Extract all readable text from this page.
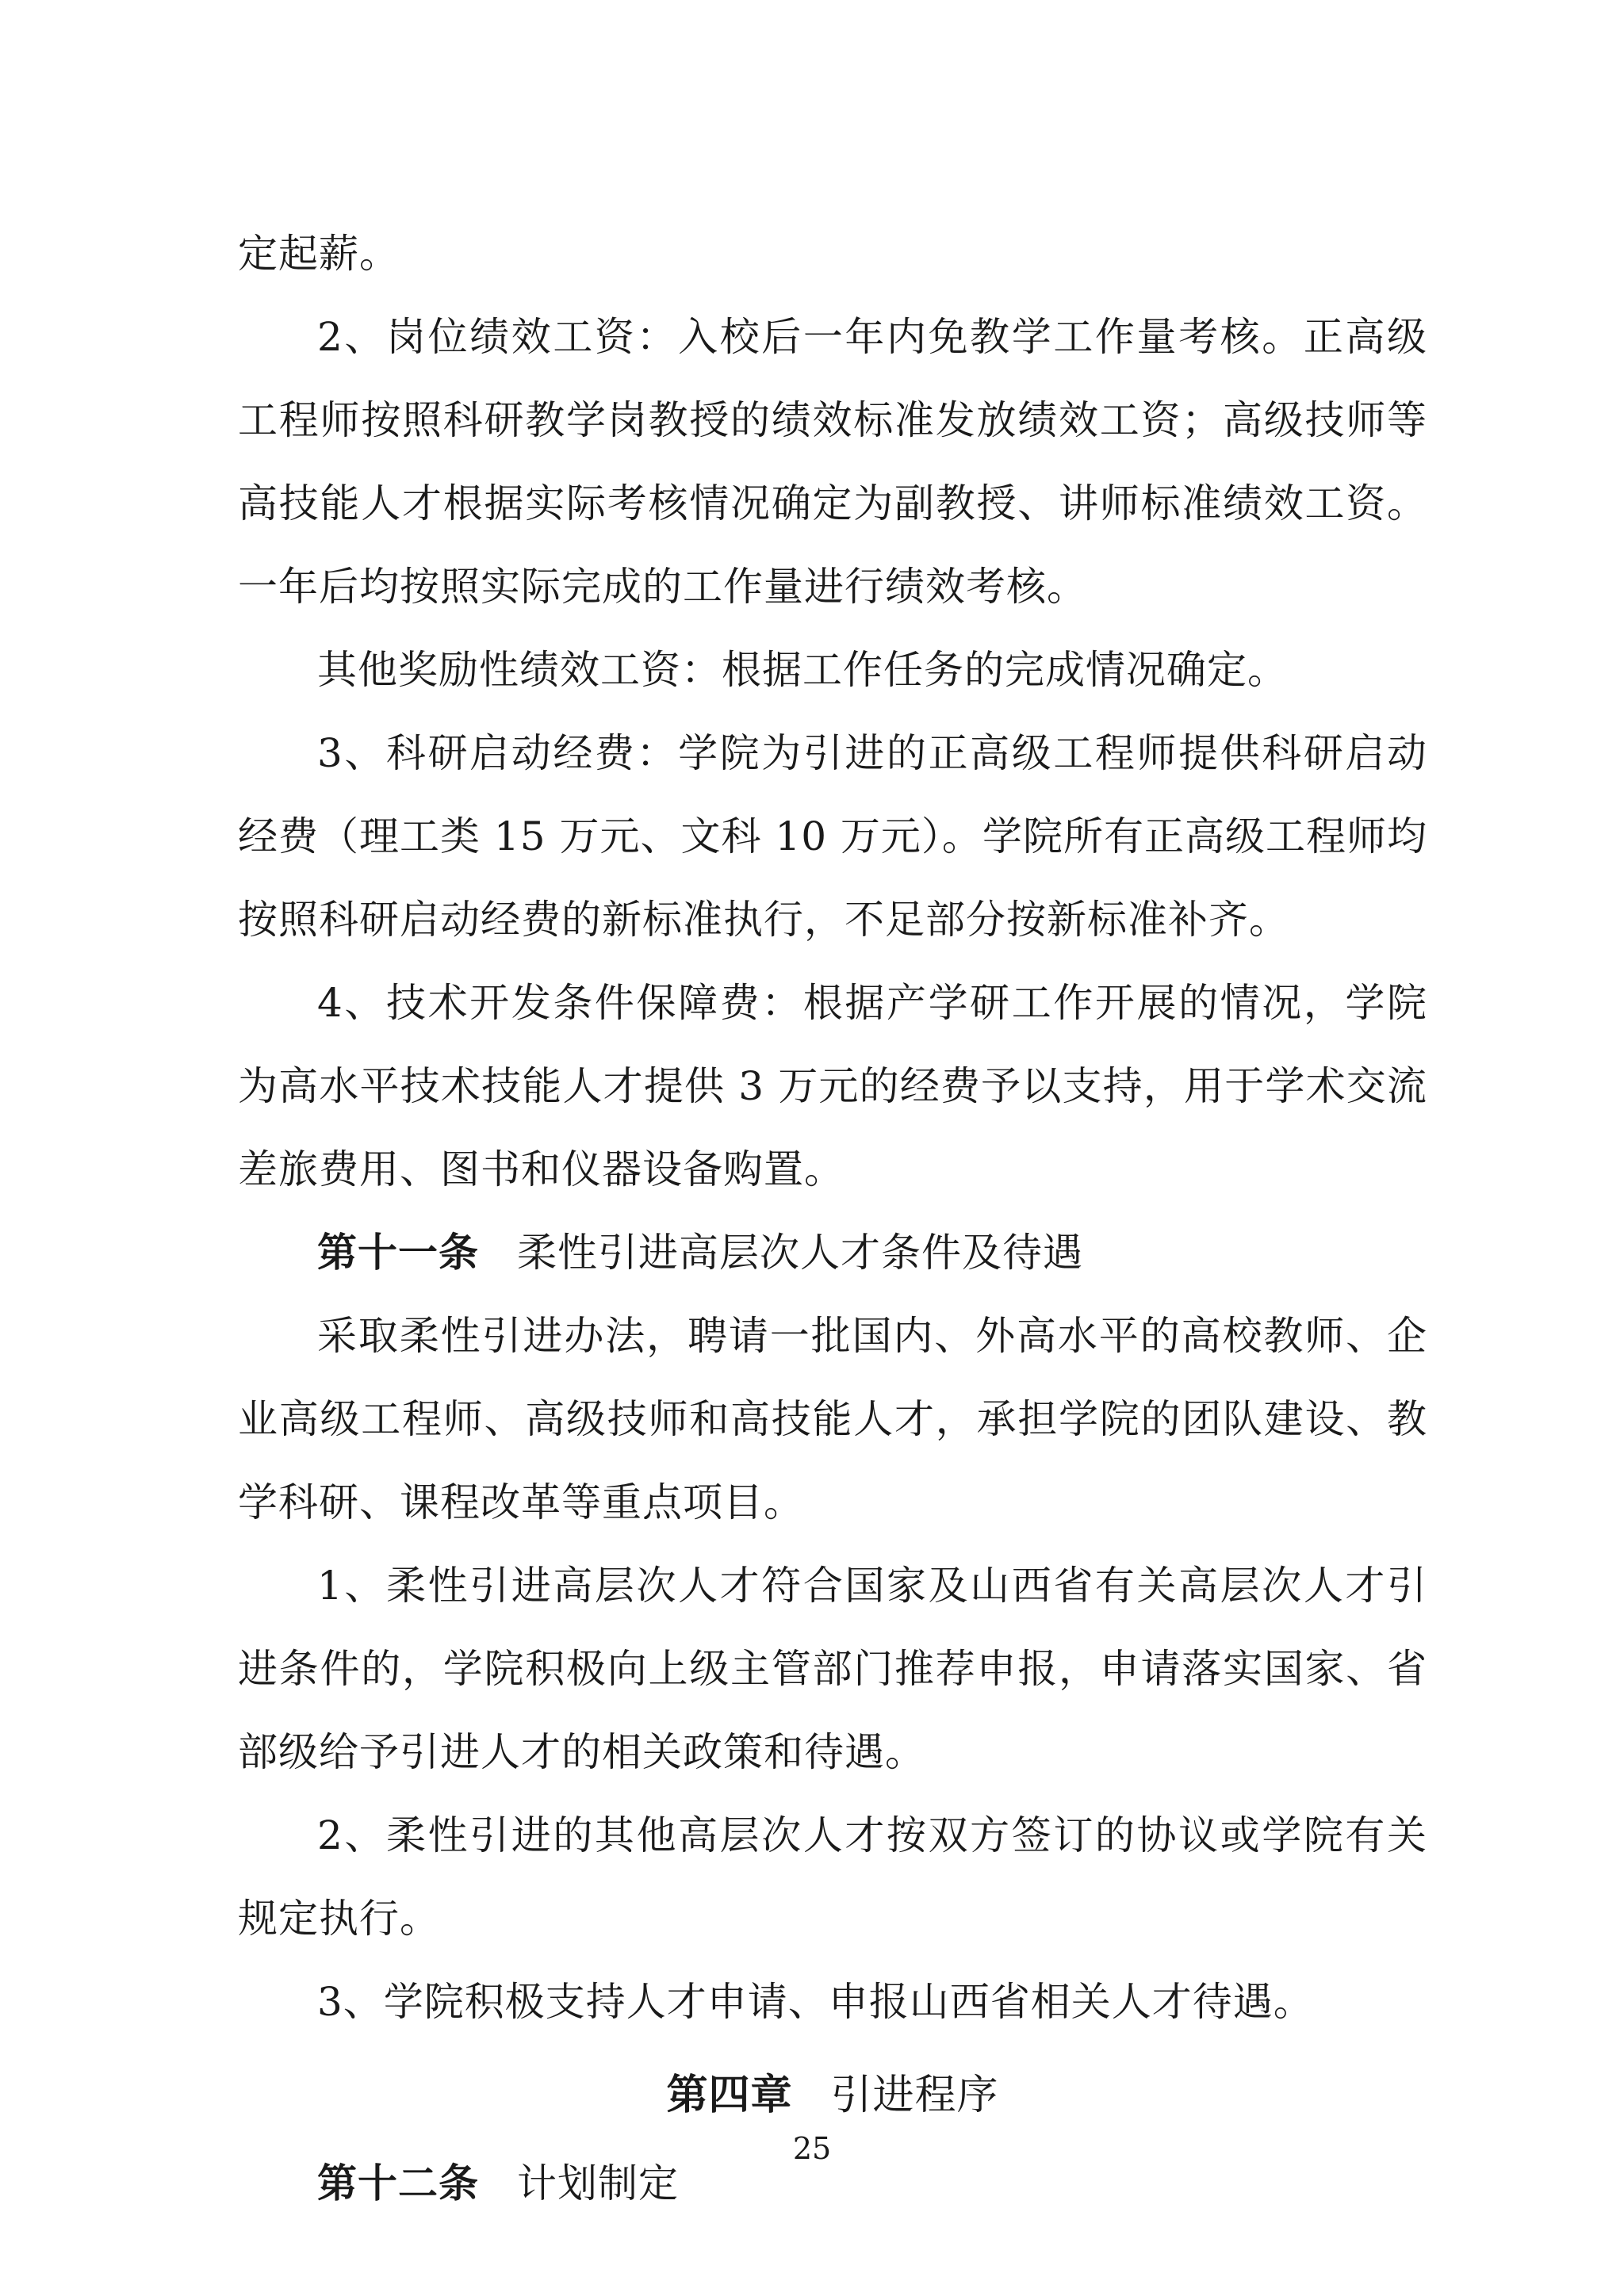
定起薪。

2、岗位绩效工资：入校后一年内免教学工作量考核。正高级工程师按照科研教学岗教授的绩效标准发放绩效工资；高级技师等高技能人才根据实际考核情况确定为副教授、讲师标准绩效工资。一年后均按照实际完成的工作量进行绩效考核。

其他奖励性绩效工资：根据工作任务的完成情况确定。

3、科研启动经费：学院为引进的正高级工程师提供科研启动经费（理工类 15 万元、文科 10 万元）。学院所有正高级工程师均按照科研启动经费的新标准执行，不足部分按新标准补齐。

4、技术开发条件保障费：根据产学研工作开展的情况，学院为高水平技术技能人才提供 3 万元的经费予以支持，用于学术交流差旅费用、图书和仪器设备购置。

第十一条 柔性引进高层次人才条件及待遇

采取柔性引进办法，聘请一批国内、外高水平的高校教师、企业高级工程师、高级技师和高技能人才，承担学院的团队建设、教学科研、课程改革等重点项目。

1、柔性引进高层次人才符合国家及山西省有关高层次人才引进条件的，学院积极向上级主管部门推荐申报，申请落实国家、省部级给予引进人才的相关政策和待遇。

2、柔性引进的其他高层次人才按双方签订的协议或学院有关规定执行。

3、学院积极支持人才申请、申报山西省相关人才待遇。

第四章 引进程序

第十二条 计划制定

25
